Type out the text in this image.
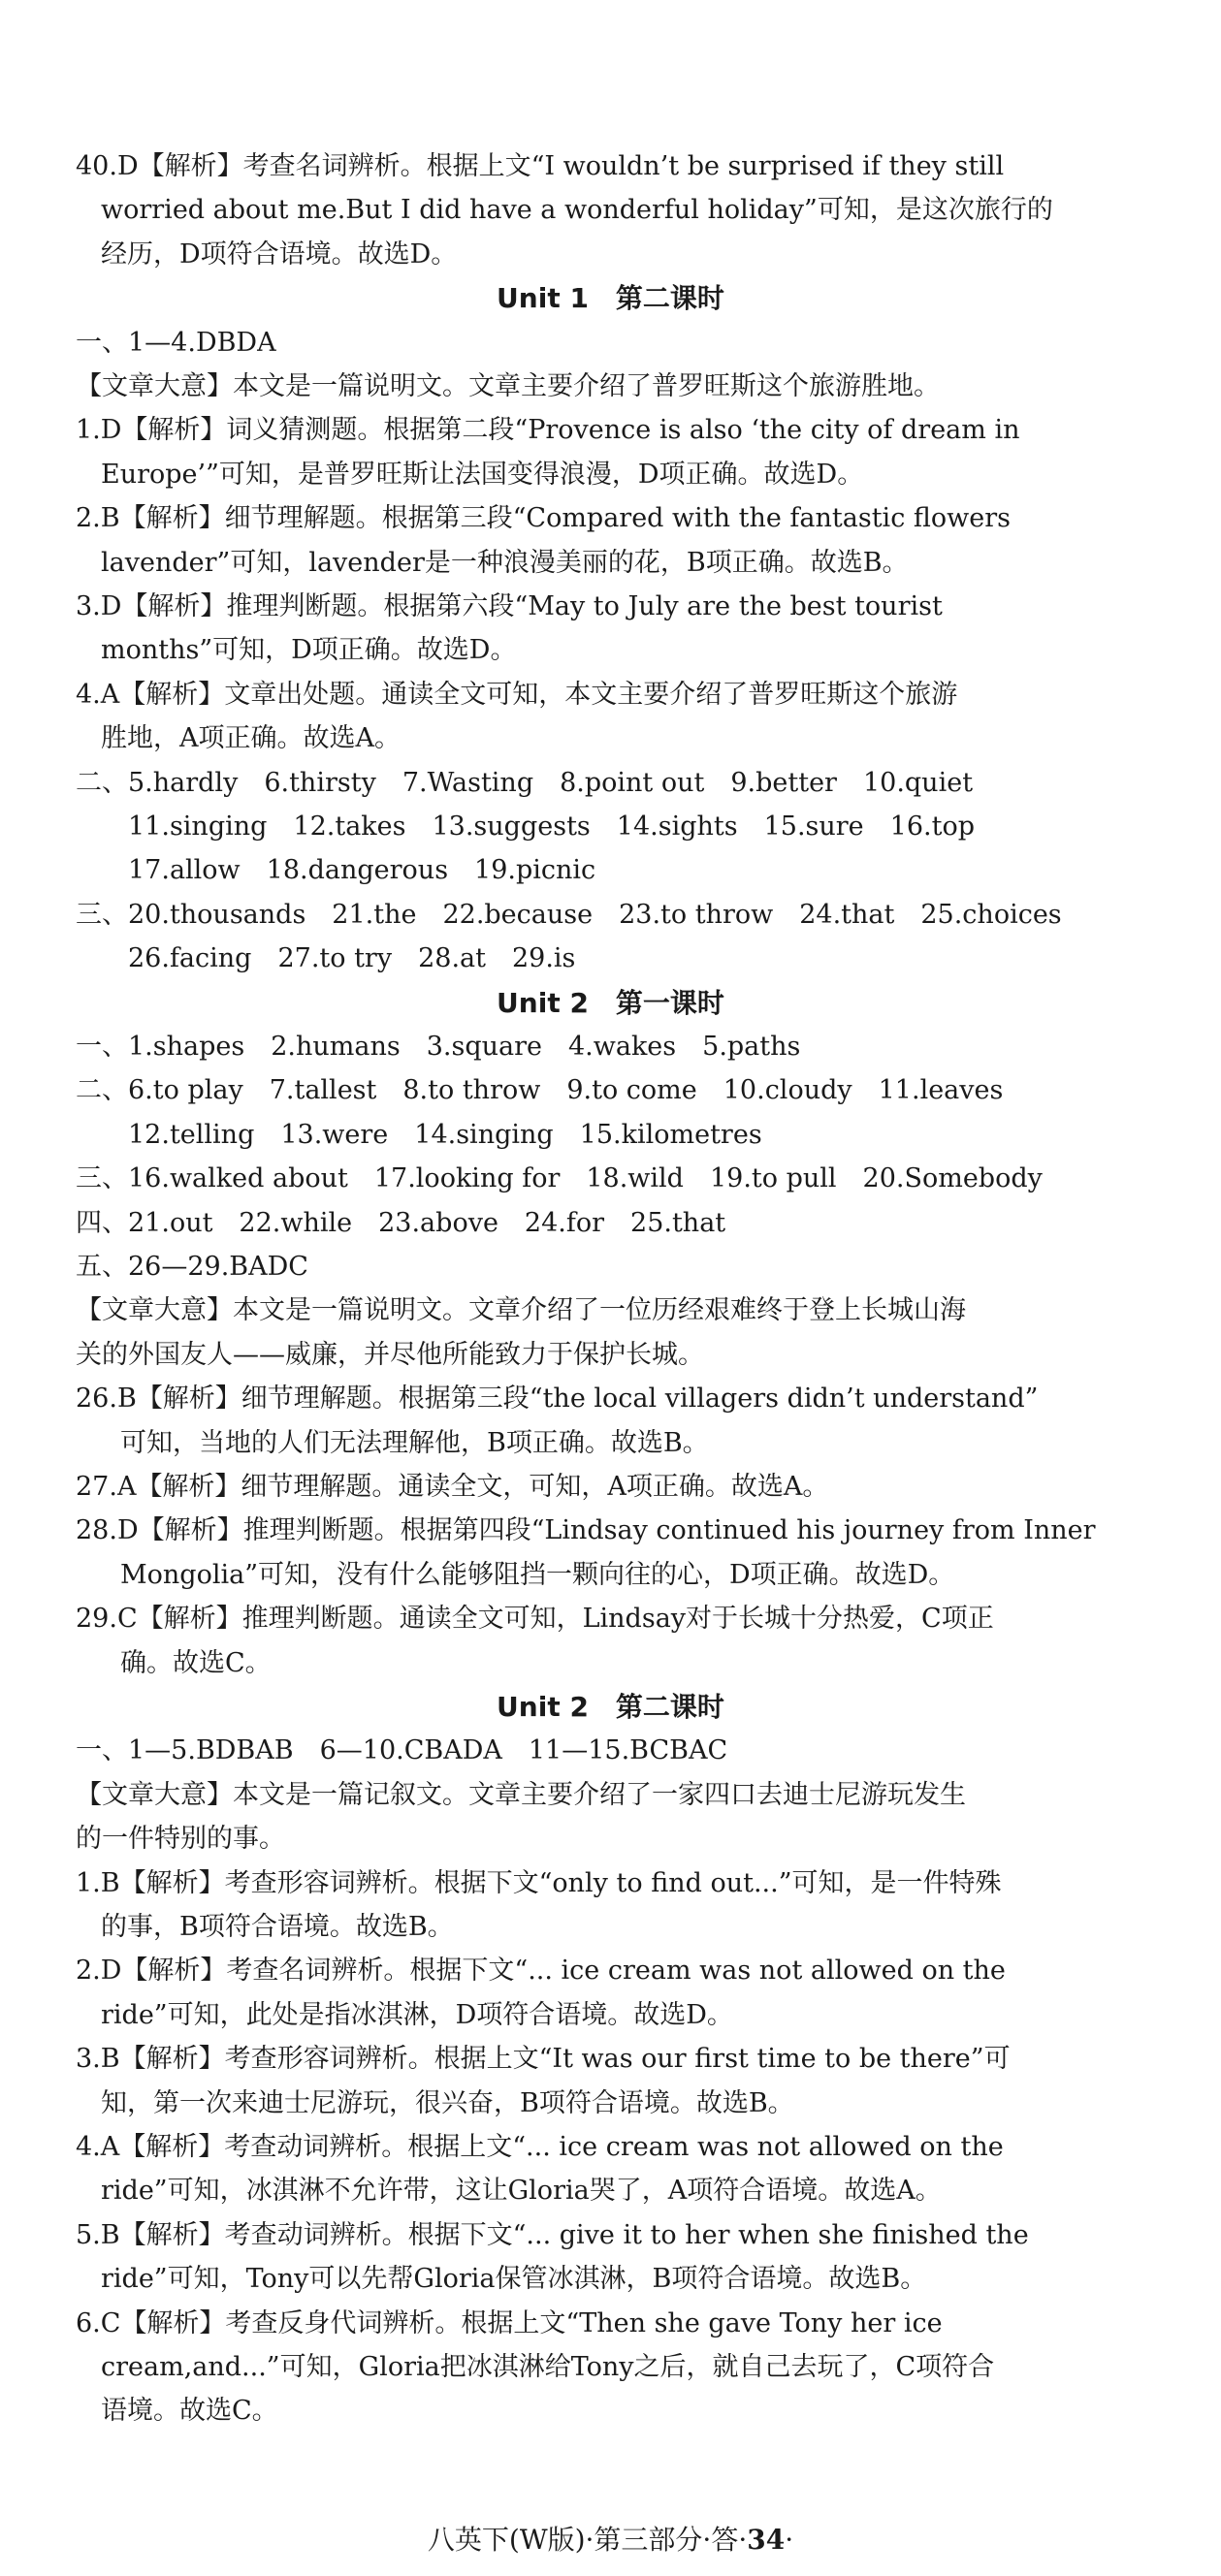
40.D【解析】考查名词辨析。根据上文“I wouldn’t be surprised if they still
worried about me.But I did have a wonderful holiday”可知，是这次旅行的
经历，D项符合语境。故选D。
Unit 1　第二课时
一、1—4.DBDA
【文章大意】本文是一篇说明文。文章主要介绍了普罗旺斯这个旅游胜地。
1.D【解析】词义猜测题。根据第二段“Provence is also ‘the city of dream in
Europe’”可知，是普罗旺斯让法国变得浪漫，D项正确。故选D。
2.B【解析】细节理解题。根据第三段“Compared with the fantastic flowers
lavender”可知，lavender是一种浪漫美丽的花，B项正确。故选B。
3.D【解析】推理判断题。根据第六段“May to July are the best tourist
months”可知，D项正确。故选D。
4.A【解析】文章出处题。通读全文可知，本文主要介绍了普罗旺斯这个旅游
胜地，A项正确。故选A。
二、5.hardly　6.thirsty　7.Wasting　8.point out　9.better　10.quiet
11.singing　12.takes　13.suggests　14.sights　15.sure　16.top
17.allow　18.dangerous　19.picnic
三、20.thousands　21.the　22.because　23.to throw　24.that　25.choices
26.facing　27.to try　28.at　29.is
Unit 2　第一课时
一、1.shapes　2.humans　3.square　4.wakes　5.paths
二、6.to play　7.tallest　8.to throw　9.to come　10.cloudy　11.leaves
12.telling　13.were　14.singing　15.kilometres
三、16.walked about　17.looking for　18.wild　19.to pull　20.Somebody
四、21.out　22.while　23.above　24.for　25.that
五、26—29.BADC
【文章大意】本文是一篇说明文。文章介绍了一位历经艰难终于登上长城山海
关的外国友人——威廉，并尽他所能致力于保护长城。
26.B【解析】细节理解题。根据第三段“the local villagers didn’t understand”
可知，当地的人们无法理解他，B项正确。故选B。
27.A【解析】细节理解题。通读全文，可知，A项正确。故选A。
28.D【解析】推理判断题。根据第四段“Lindsay continued his journey from Inner
Mongolia”可知，没有什么能够阻挡一颗向往的心，D项正确。故选D。
29.C【解析】推理判断题。通读全文可知，Lindsay对于长城十分热爱，C项正
确。故选C。
Unit 2　第二课时
一、1—5.BDBAB　6—10.CBADA　11—15.BCBAC
【文章大意】本文是一篇记叙文。文章主要介绍了一家四口去迪士尼游玩发生
的一件特别的事。
1.B【解析】考查形容词辨析。根据下文“only to find out...”可知，是一件特殊
的事，B项符合语境。故选B。
2.D【解析】考查名词辨析。根据下文“... ice cream was not allowed on the
ride”可知，此处是指冰淇淋，D项符合语境。故选D。
3.B【解析】考查形容词辨析。根据上文“It was our first time to be there”可
知，第一次来迪士尼游玩，很兴奋，B项符合语境。故选B。
4.A【解析】考查动词辨析。根据上文“... ice cream was not allowed on the
ride”可知，冰淇淋不允许带，这让Gloria哭了，A项符合语境。故选A。
5.B【解析】考查动词辨析。根据下文“... give it to her when she finished the
ride”可知，Tony可以先帮Gloria保管冰淇淋，B项符合语境。故选B。
6.C【解析】考查反身代词辨析。根据上文“Then she gave Tony her ice
cream,and...”可知，Gloria把冰淇淋给Tony之后，就自己去玩了，C项符合
语境。故选C。
八英下(W版)·第三部分·答·34·
